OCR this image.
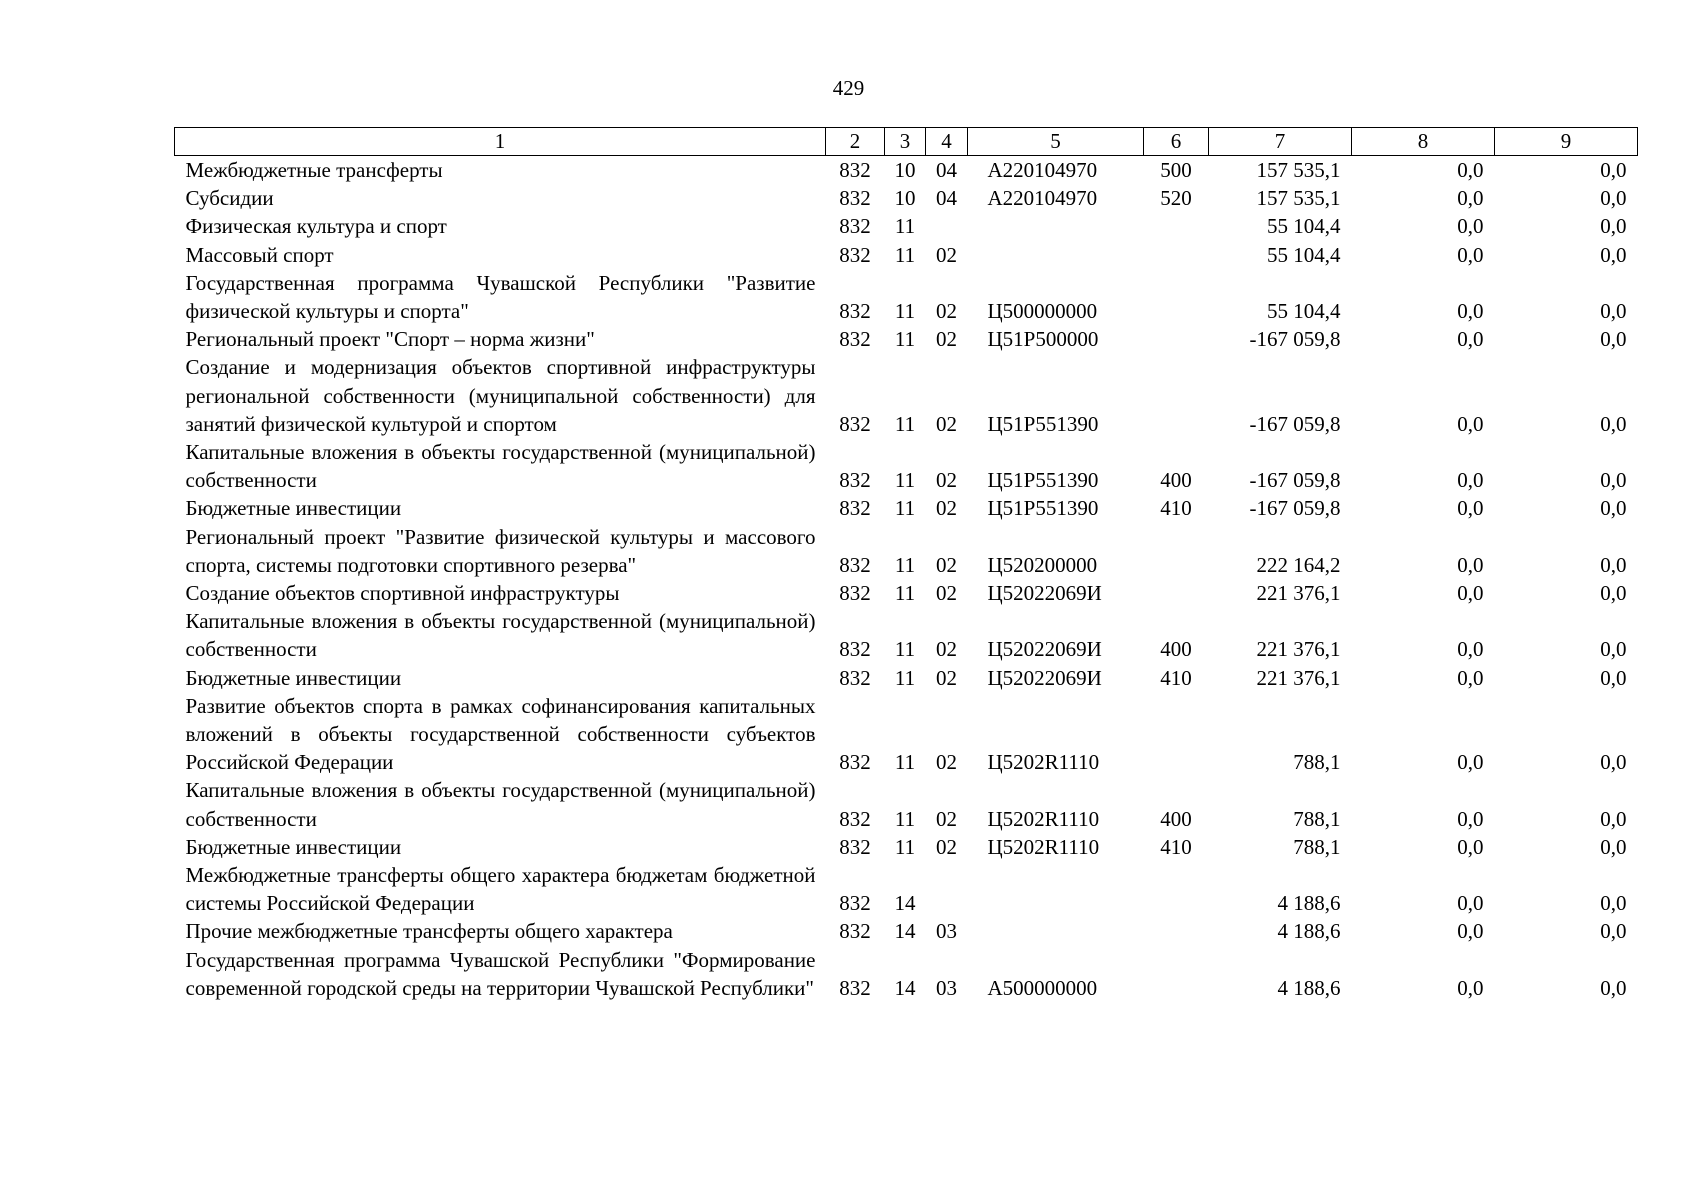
429
1	2	3	4	5	6	7	8	9
Межбюджетные трансферты	832	10	04	А220104970	500	157 535,1	0,0	0,0
Субсидии	832	10	04	А220104970	520	157 535,1	0,0	0,0
Физическая культура и спорт	832	11				55 104,4	0,0	0,0
Массовый спорт	832	11	02			55 104,4	0,0	0,0
Государственная программа Чувашской Республики "Развитие физической культуры и спорта"	832	11	02	Ц500000000		55 104,4	0,0	0,0
Региональный проект "Спорт – норма жизни"	832	11	02	Ц51P500000		-167 059,8	0,0	0,0
Создание и модернизация объектов спортивной инфраструктуры региональной собственности (муниципальной собственности) для занятий физической культурой и спортом	832	11	02	Ц51P551390		-167 059,8	0,0	0,0
Капитальные вложения в объекты государственной (муниципальной) собственности	832	11	02	Ц51P551390	400	-167 059,8	0,0	0,0
Бюджетные инвестиции	832	11	02	Ц51P551390	410	-167 059,8	0,0	0,0
Региональный проект "Развитие физической культуры и массового спорта, системы подготовки спортивного резерва"	832	11	02	Ц520200000		222 164,2	0,0	0,0
Создание объектов спортивной инфраструктуры	832	11	02	Ц52022069И		221 376,1	0,0	0,0
Капитальные вложения в объекты государственной (муниципальной) собственности	832	11	02	Ц52022069И	400	221 376,1	0,0	0,0
Бюджетные инвестиции	832	11	02	Ц52022069И	410	221 376,1	0,0	0,0
Развитие объектов спорта в рамках софинансирования капитальных вложений в объекты государственной собственности субъектов Российской Федерации	832	11	02	Ц5202R1110		788,1	0,0	0,0
Капитальные вложения в объекты государственной (муниципальной) собственности	832	11	02	Ц5202R1110	400	788,1	0,0	0,0
Бюджетные инвестиции	832	11	02	Ц5202R1110	410	788,1	0,0	0,0
Межбюджетные трансферты общего характера бюджетам бюджетной системы Российской Федерации	832	14				4 188,6	0,0	0,0
Прочие межбюджетные трансферты общего характера	832	14	03			4 188,6	0,0	0,0
Государственная программа Чувашской Республики "Формирование современной городской среды на территории Чувашской Республики"	832	14	03	А500000000		4 188,6	0,0	0,0
